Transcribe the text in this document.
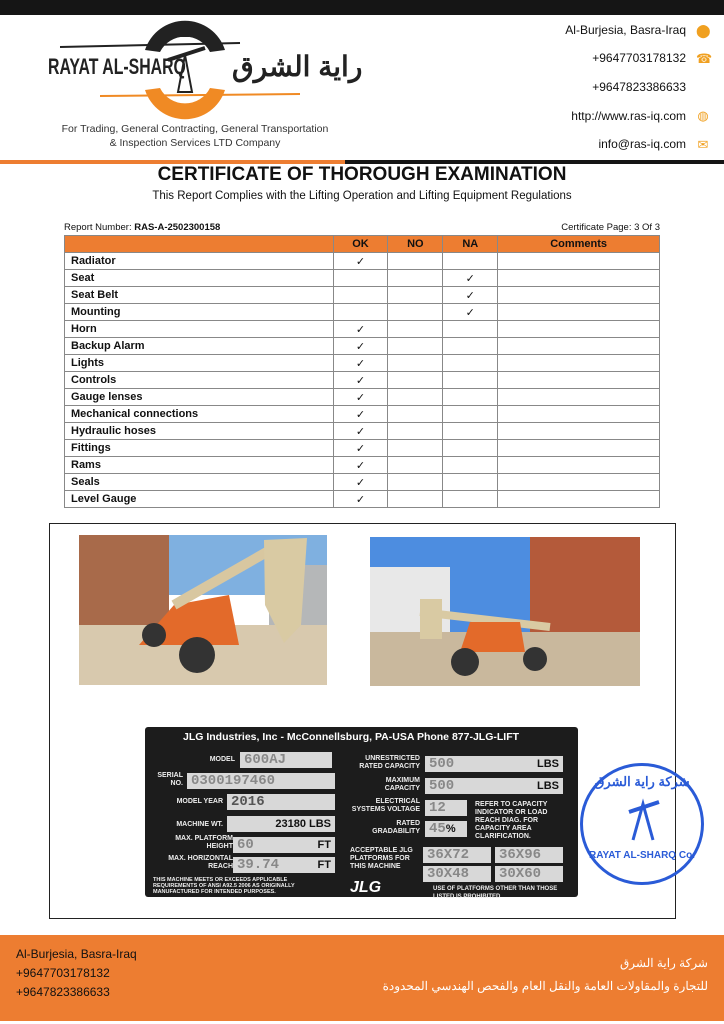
RAYAT AL-SHARQ راية الشرق
For Trading, General Contracting, General Transportation
& Inspection Services LTD Company
Al-Burjesia, Basra-Iraq ⬤
+9647703178132 ☎
+9647823386633
http://www.ras-iq.com ◍
info@ras-iq.com ✉
CERTIFICATE OF THOROUGH EXAMINATION
This Report Complies with the Lifting Operation and Lifting Equipment Regulations
Report Number: RAS-A-2502300158	Certificate Page: 3 Of 3
	OK	NO	NA	Comments
Radiator	✓			
Seat			✓	
Seat Belt			✓	
Mounting			✓	
Horn	✓			
Backup Alarm	✓			
Lights	✓			
Controls	✓			
Gauge lenses	✓			
Mechanical connections	✓			
Hydraulic hoses	✓			
Fittings	✓			
Rams	✓			
Seals	✓			
Level Gauge	✓			
JLG Industries, Inc - McConnellsburg, PA-USA Phone 877-JLG-LIFT
MODEL 600AJ
SERIAL NO. 0300197460
MODEL YEAR 2016
MACHINE WT.	23180 LBS
MAX. PLATFORM HEIGHT 60	FT
MAX. HORIZONTAL REACH 39.74	FT
THIS MACHINE MEETS OR EXCEEDS APPLICABLE REQUIREMENTS OF ANSI A92.5 2006 AS ORIGINALLY MANUFACTURED FOR INTENDED PURPOSES.
UNRESTRICTED RATED CAPACITY 500	LBS
MAXIMUM CAPACITY 500	LBS
ELECTRICAL SYSTEMS VOLTAGE 12
RATED GRADABILITY 45%
REFER TO CAPACITY INDICATOR OR LOAD REACH DIAG. FOR CAPACITY AREA CLARIFICATION.
ACCEPTABLE JLG PLATFORMS FOR THIS MACHINE
36X72	36X96
30X48	30X60
JLG	USE OF PLATFORMS OTHER THAN THOSE LISTED IS PROHIBITED
شركة راية الشرق
RAYAT AL-SHARQ Co.
Al-Burjesia, Basra-Iraq
+9647703178132
+9647823386633
شركة راية الشرق
للتجارة والمقاولات العامة والنقل العام والفحص الهندسي المحدودة
